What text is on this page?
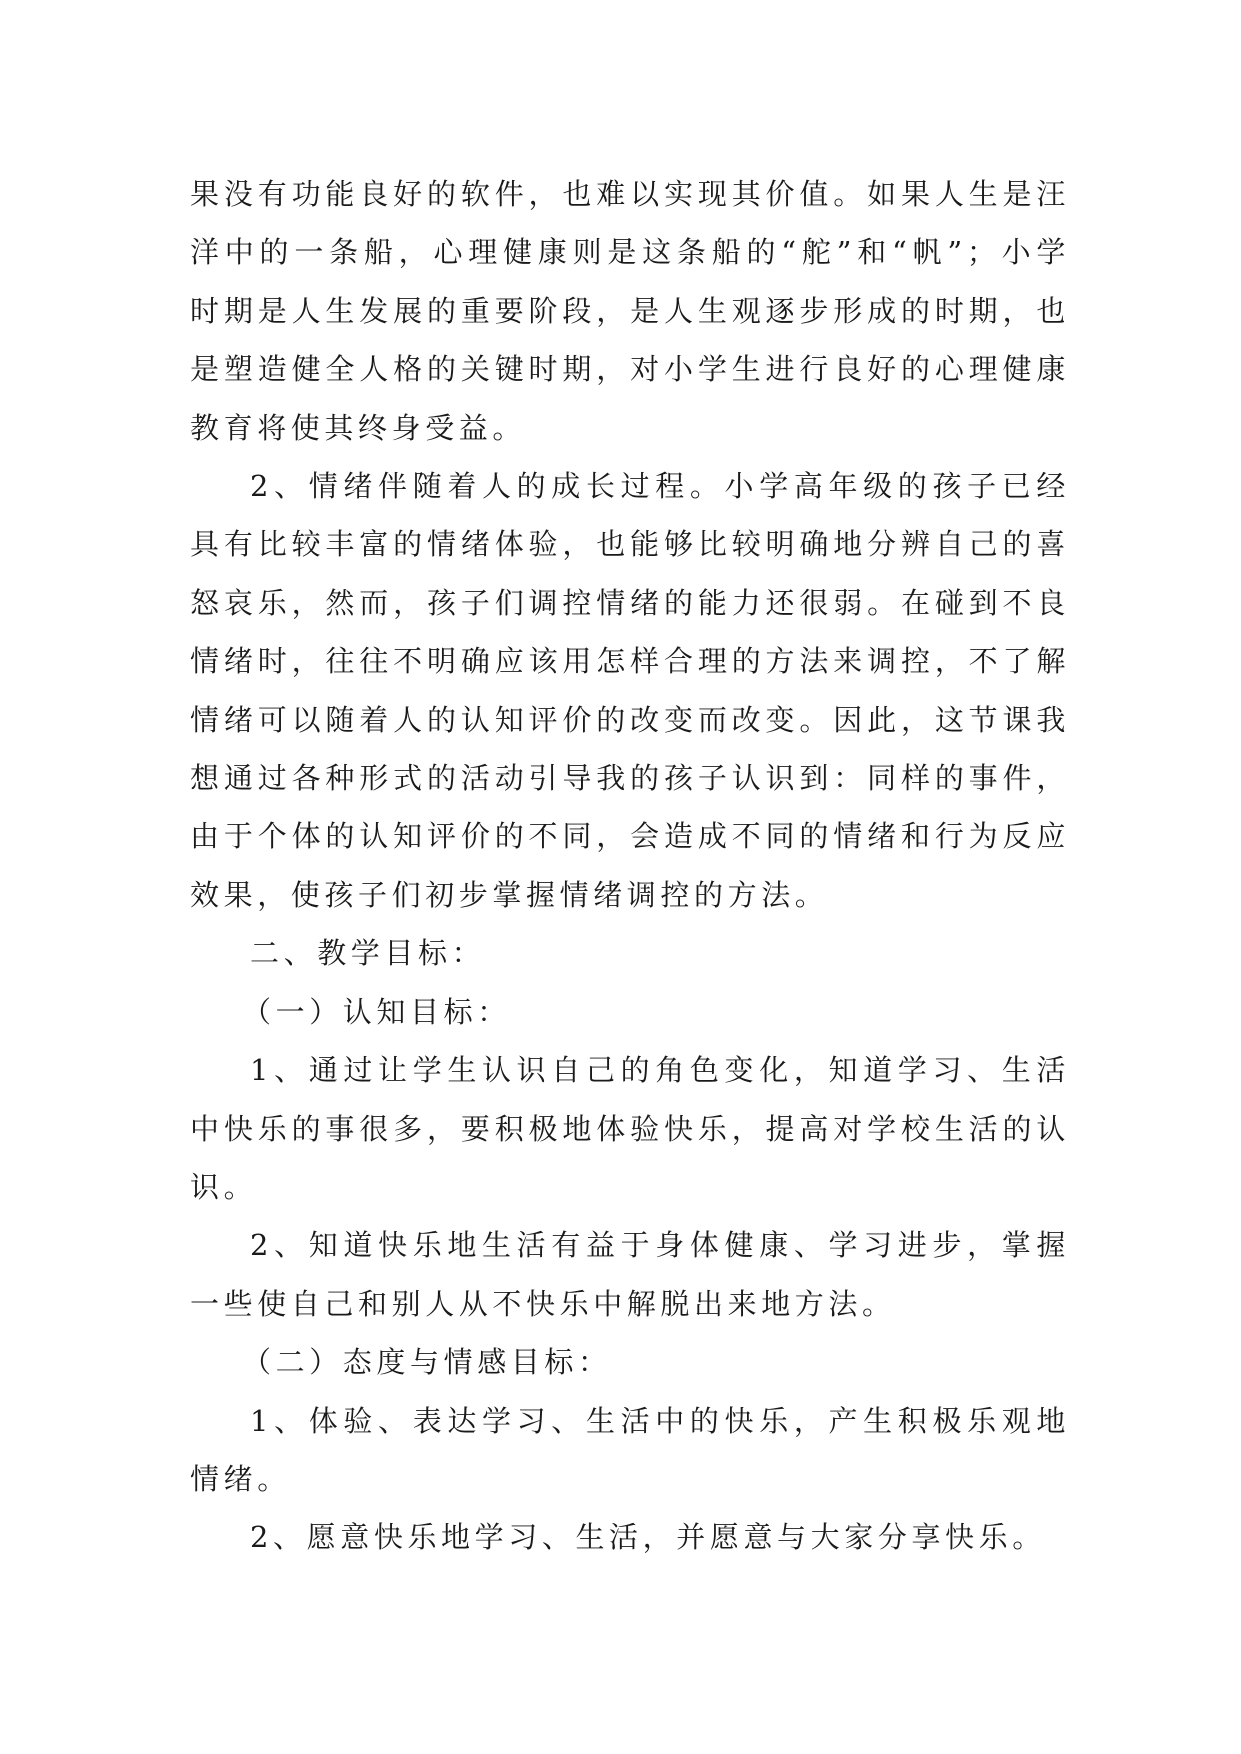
果没有功能良好的软件，也难以实现其价值。如果人生是汪洋中的一条船，心理健康则是这条船的“舵”和“帆”；小学时期是人生发展的重要阶段，是人生观逐步形成的时期，也是塑造健全人格的关键时期，对小学生进行良好的心理健康教育将使其终身受益。

2、情绪伴随着人的成长过程。小学高年级的孩子已经具有比较丰富的情绪体验，也能够比较明确地分辨自己的喜怒哀乐，然而，孩子们调控情绪的能力还很弱。在碰到不良情绪时，往往不明确应该用怎样合理的方法来调控，不了解情绪可以随着人的认知评价的改变而改变。因此，这节课我想通过各种形式的活动引导我的孩子认识到：同样的事件，由于个体的认知评价的不同，会造成不同的情绪和行为反应效果，使孩子们初步掌握情绪调控的方法。

二、教学目标：

（一）认知目标：

1、通过让学生认识自己的角色变化，知道学习、生活中快乐的事很多，要积极地体验快乐，提高对学校生活的认识。

2、知道快乐地生活有益于身体健康、学习进步，掌握一些使自己和别人从不快乐中解脱出来地方法。

（二）态度与情感目标：

1、体验、表达学习、生活中的快乐，产生积极乐观地情绪。

2、愿意快乐地学习、生活，并愿意与大家分享快乐。
